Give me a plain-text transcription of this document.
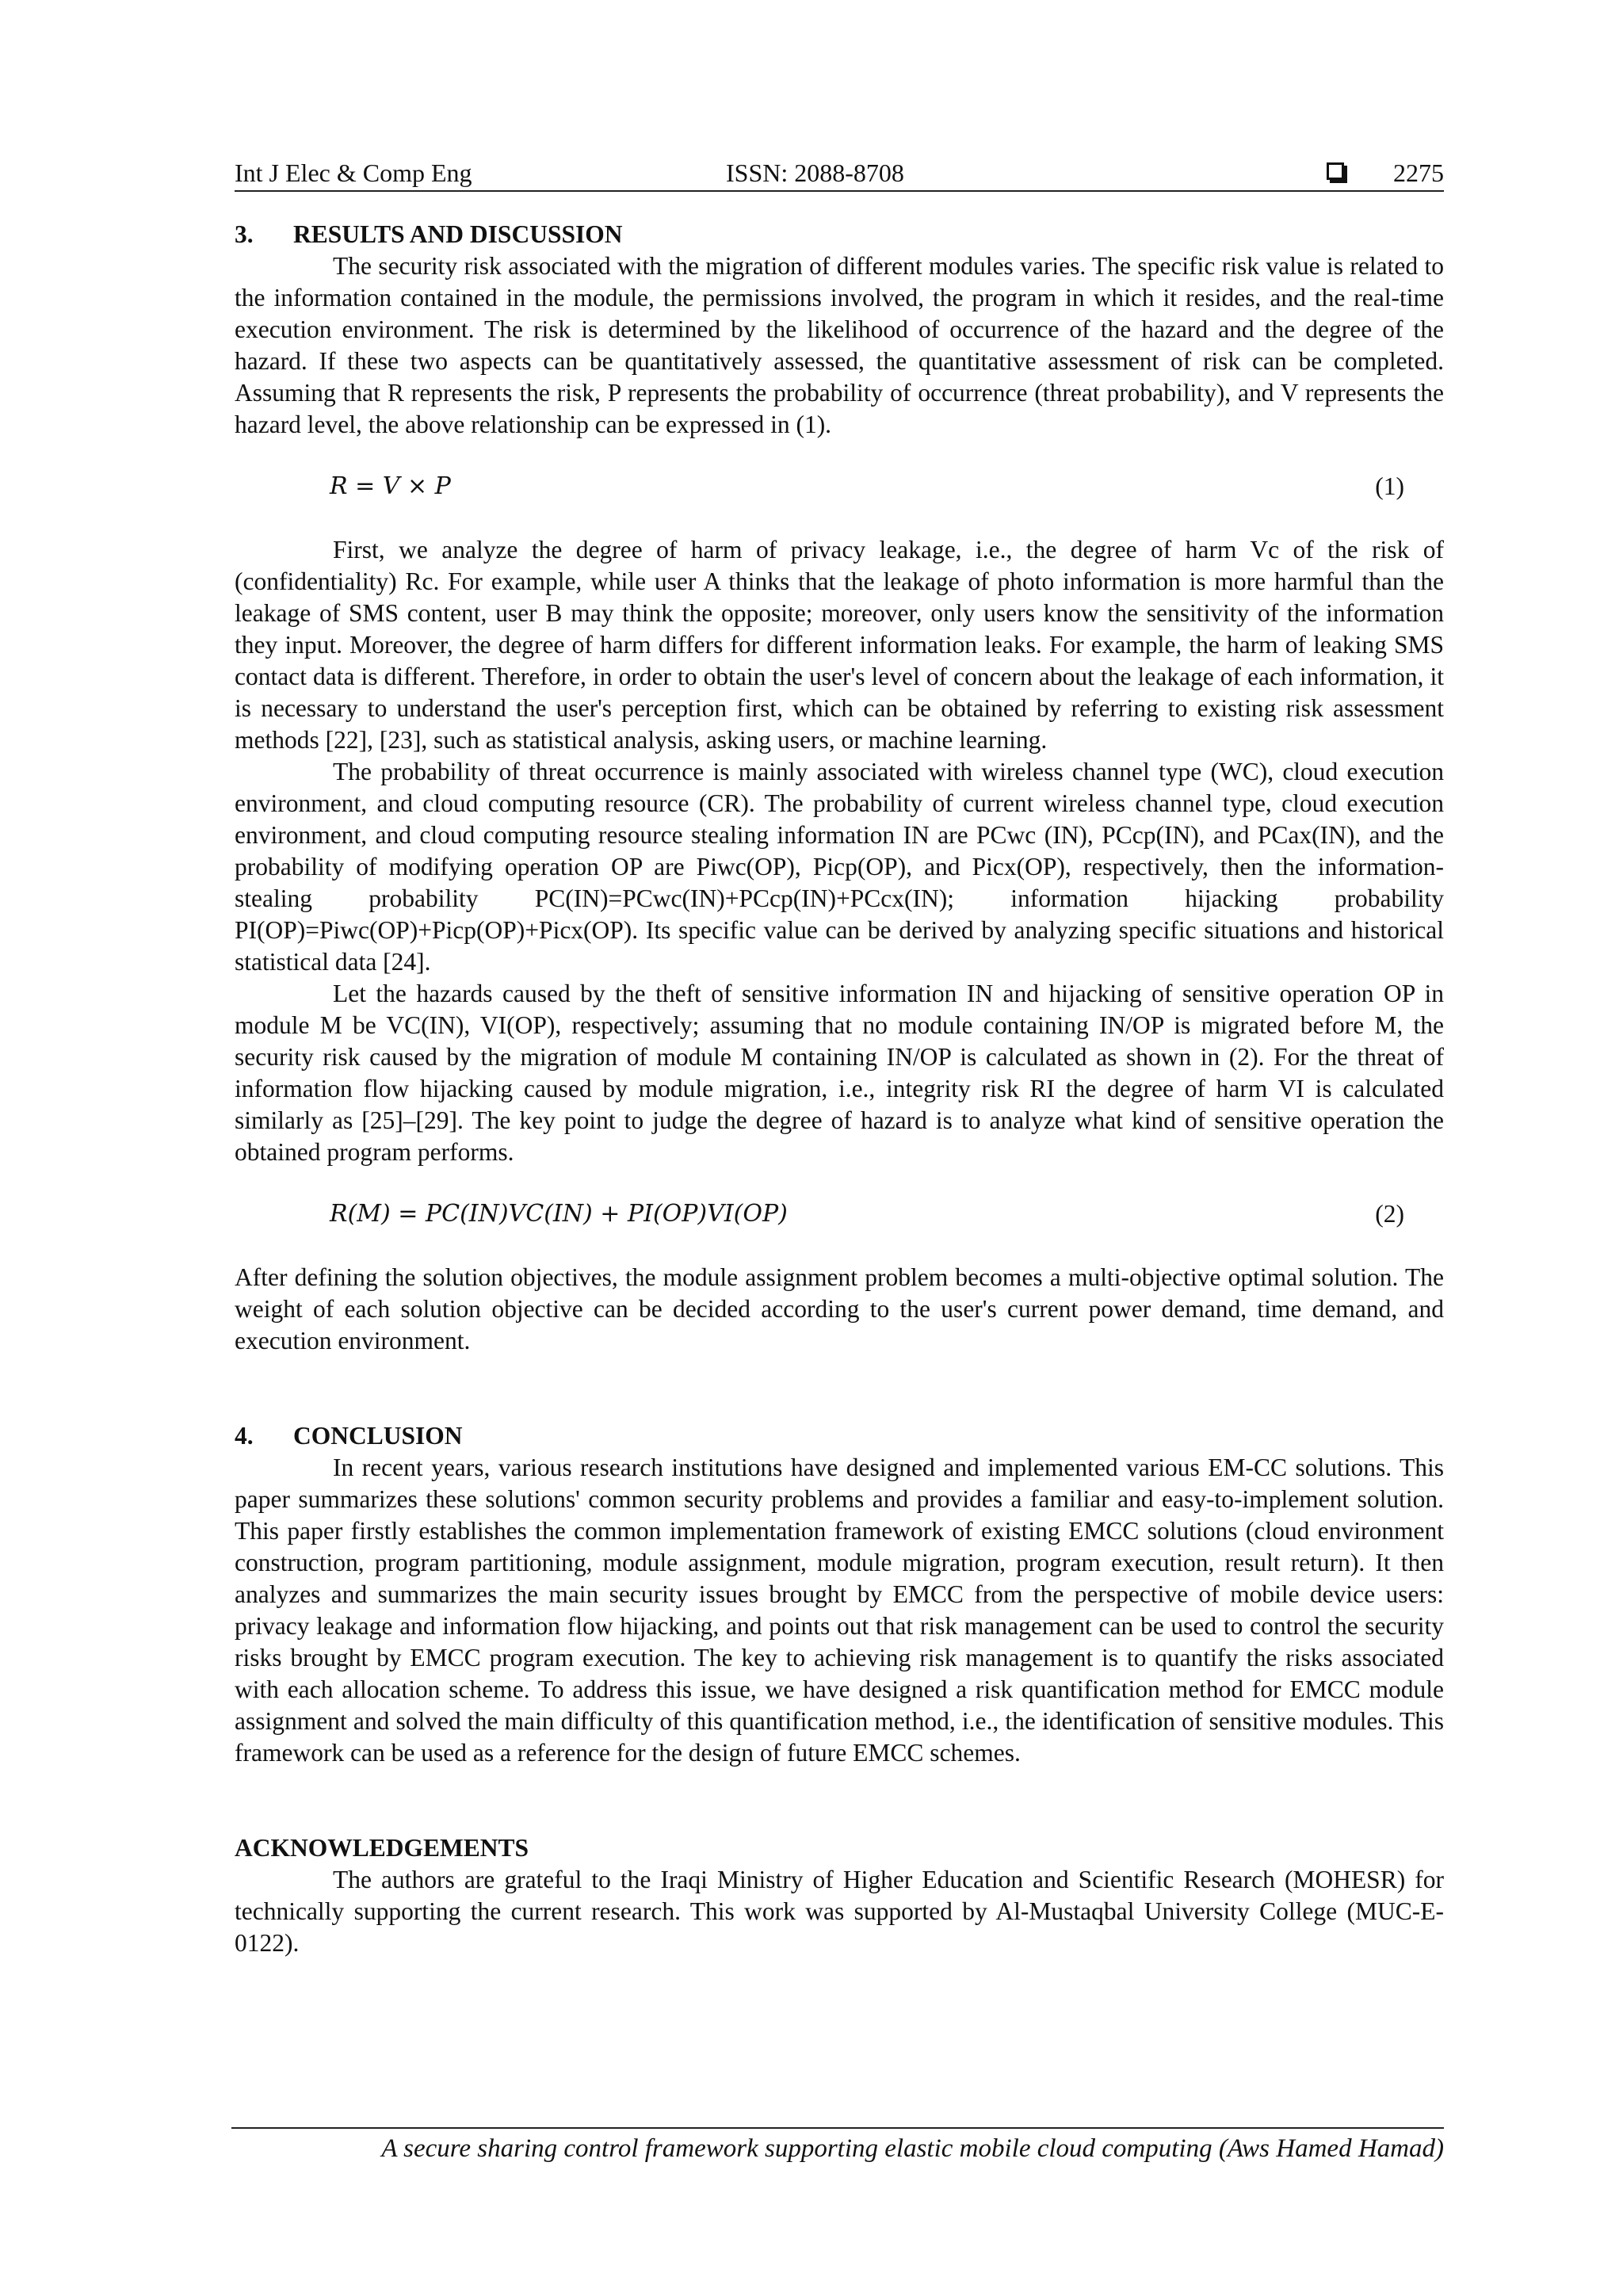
Int J Elec & Comp Eng	ISSN: 2088-8708	2275
3. RESULTS AND DISCUSSION

The security risk associated with the migration of different modules varies. The specific risk value is related to the information contained in the module, the permissions involved, the program in which it resides, and the real-time execution environment. The risk is determined by the likelihood of occurrence of the hazard and the degree of the hazard. If these two aspects can be quantitatively assessed, the quantitative assessment of risk can be completed. Assuming that R represents the risk, P represents the probability of occurrence (threat probability), and V represents the hazard level, the above relationship can be expressed in (1).

R = V × P	(1)

First, we analyze the degree of harm of privacy leakage, i.e., the degree of harm Vc of the risk of (confidentiality) Rc. For example, while user A thinks that the leakage of photo information is more harmful than the leakage of SMS content, user B may think the opposite; moreover, only users know the sensitivity of the information they input. Moreover, the degree of harm differs for different information leaks. For example, the harm of leaking SMS contact data is different. Therefore, in order to obtain the user's level of concern about the leakage of each information, it is necessary to understand the user's perception first, which can be obtained by referring to existing risk assessment methods [22], [23], such as statistical analysis, asking users, or machine learning.

The probability of threat occurrence is mainly associated with wireless channel type (WC), cloud execution environment, and cloud computing resource (CR). The probability of current wireless channel type, cloud execution environment, and cloud computing resource stealing information IN are PCwc (IN), PCcp(IN), and PCax(IN), and the probability of modifying operation OP are Piwc(OP), Picp(OP), and Picx(OP), respectively, then the information-stealing probability PC(IN)=PCwc(IN)+PCcp(IN)+PCcx(IN); information hijacking probability PI(OP)=Piwc(OP)+Picp(OP)+Picx(OP). Its specific value can be derived by analyzing specific situations and historical statistical data [24].

Let the hazards caused by the theft of sensitive information IN and hijacking of sensitive operation OP in module M be VC(IN), VI(OP), respectively; assuming that no module containing IN/OP is migrated before M, the security risk caused by the migration of module M containing IN/OP is calculated as shown in (2). For the threat of information flow hijacking caused by module migration, i.e., integrity risk RI the degree of harm VI is calculated similarly as [25]–[29]. The key point to judge the degree of hazard is to analyze what kind of sensitive operation the obtained program performs.

R(M) = PC(IN)VC(IN) + PI(OP)VI(OP)	(2)

After defining the solution objectives, the module assignment problem becomes a multi-objective optimal solution. The weight of each solution objective can be decided according to the user's current power demand, time demand, and execution environment.

4. CONCLUSION

In recent years, various research institutions have designed and implemented various EM-CC solutions. This paper summarizes these solutions' common security problems and provides a familiar and easy-to-implement solution. This paper firstly establishes the common implementation framework of existing EMCC solutions (cloud environment construction, program partitioning, module assignment, module migration, program execution, result return). It then analyzes and summarizes the main security issues brought by EMCC from the perspective of mobile device users: privacy leakage and information flow hijacking, and points out that risk management can be used to control the security risks brought by EMCC program execution. The key to achieving risk management is to quantify the risks associated with each allocation scheme. To address this issue, we have designed a risk quantification method for EMCC module assignment and solved the main difficulty of this quantification method, i.e., the identification of sensitive modules. This framework can be used as a reference for the design of future EMCC schemes.

ACKNOWLEDGEMENTS

The authors are grateful to the Iraqi Ministry of Higher Education and Scientific Research (MOHESR) for technically supporting the current research. This work was supported by Al-Mustaqbal University College (MUC-E-0122).

A secure sharing control framework supporting elastic mobile cloud computing (Aws Hamed Hamad)
